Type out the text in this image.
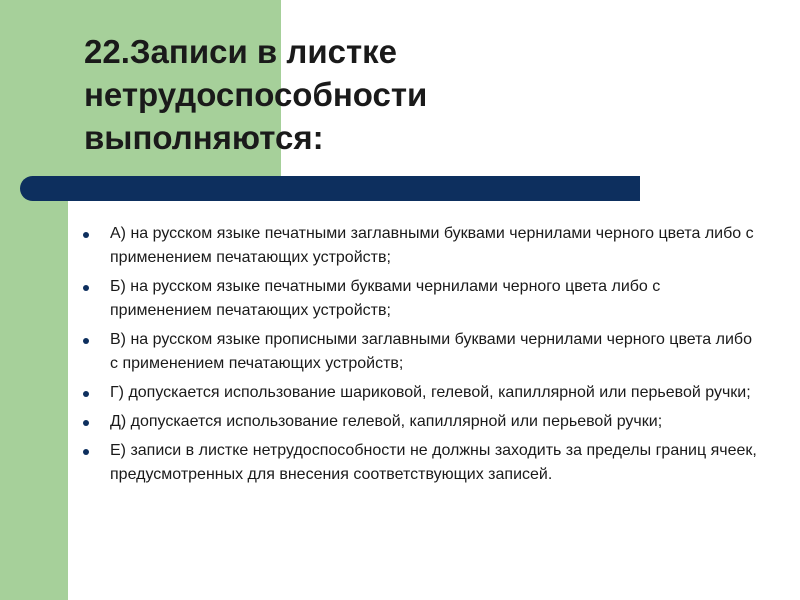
22.Записи в листке
нетрудоспособности
выполняются:
А) на русском языке печатными заглавными буквами чернилами черного цвета либо с применением печатающих устройств;
Б) на русском языке печатными буквами чернилами черного цвета либо с применением печатающих устройств;
В) на русском языке прописными заглавными буквами чернилами черного цвета либо с применением печатающих устройств;
Г) допускается использование шариковой, гелевой, капиллярной или перьевой ручки;
Д) допускается использование гелевой, капиллярной или перьевой ручки;
Е) записи в листке нетрудоспособности не должны заходить за пределы границ ячеек, предусмотренных для внесения соответствующих записей.
